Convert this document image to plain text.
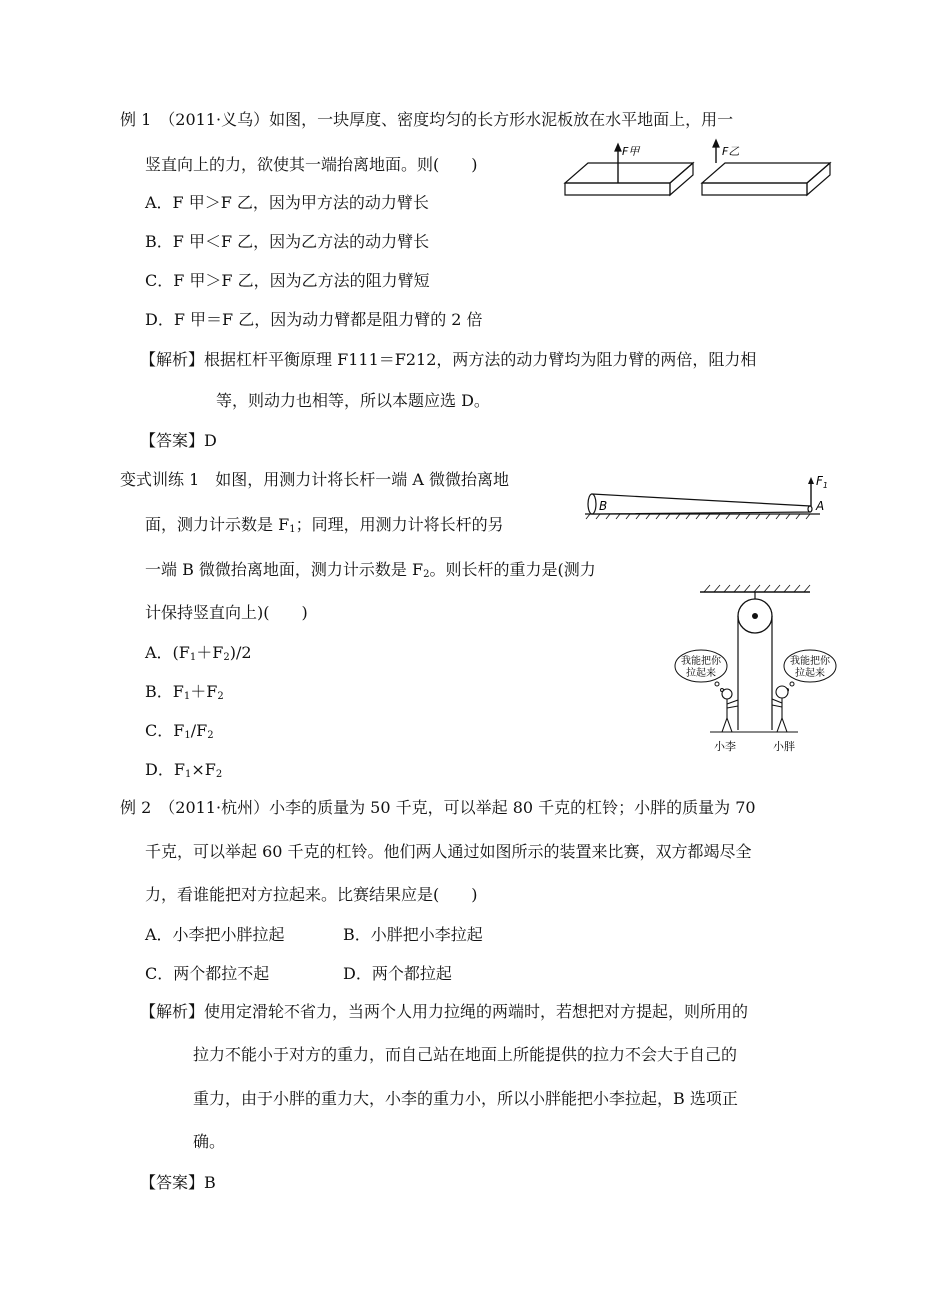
例 1　（2011·义乌）如图，一块厚度、密度均匀的长方形水泥板放在水平地面上，用一
竖直向上的力，欲使其一端抬离地面。则(　　)
A．F 甲＞F 乙，因为甲方法的动力臂长
B．F 甲＜F 乙，因为乙方法的动力臂长
C．F 甲＞F 乙，因为乙方法的阻力臂短
D．F 甲＝F 乙，因为动力臂都是阻力臂的 2 倍
【解析】根据杠杆平衡原理 F111＝F212，两方法的动力臂均为阻力臂的两倍，阻力相
等，则动力也相等，所以本题应选 D。
【答案】D
F甲	F乙
变式训练 1　如图，用测力计将长杆一端 A 微微抬离地
面，测力计示数是 $F_1$；同理，用测力计将长杆的另
一端 B 微微抬离地面，测力计示数是 $F_2$。则长杆的重力是(测力
计保持竖直向上)(　　)
A．$(F_1+F_2)/2$
B．$F_1+F_2$
C．$F_1/F_2$
D．$F_1\times F_2$
$F_1$
A
B
我能把你
拉起来
我能把你
拉起来
小李	小胖
例 2　（2011·杭州）小李的质量为 50 千克，可以举起 80 千克的杠铃；小胖的质量为 70
千克，可以举起 60 千克的杠铃。他们两人通过如图所示的装置来比赛，双方都竭尽全
力，看谁能把对方拉起来。比赛结果应是(　　)
A．小李把小胖拉起	B．小胖把小李拉起
C．两个都拉不起	D．两个都拉起
【解析】使用定滑轮不省力，当两个人用力拉绳的两端时，若想把对方提起，则所用的
拉力不能小于对方的重力，而自己站在地面上所能提供的拉力不会大于自己的
重力，由于小胖的重力大，小李的重力小，所以小胖能把小李拉起，B 选项正
确。
【答案】B
